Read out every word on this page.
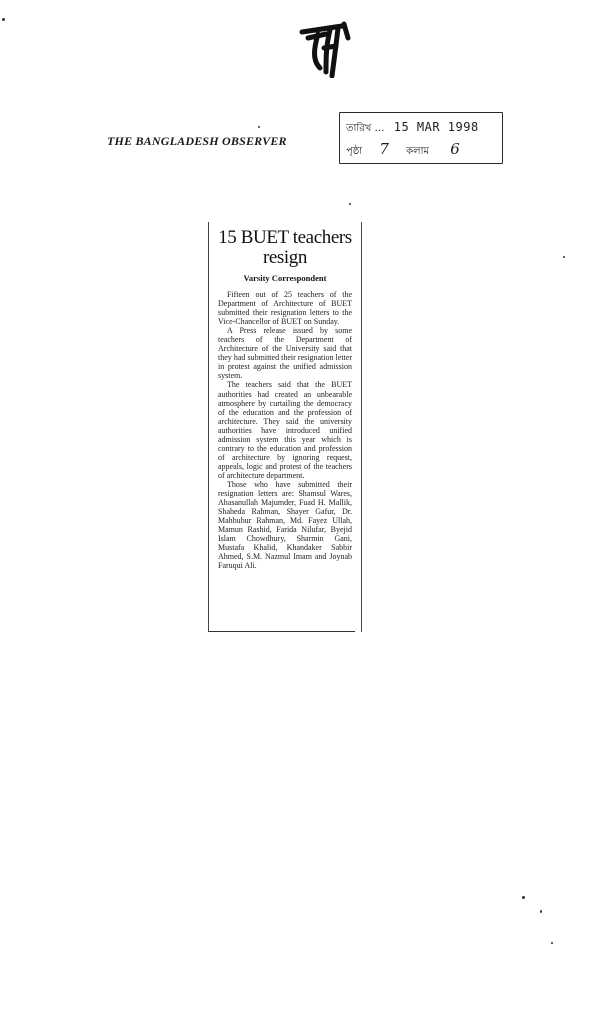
THE BANGLADESH OBSERVER
তারিখ … 15 MAR 1998
পৃষ্ঠা 7 কলাম 6
15 BUET teachers resign
Varsity Correspondent

Fifteen out of 25 teachers of the Department of Architecture of BUET submitted their resignation letters to the Vice-Chancellor of BUET on Sunday.

A Press release issued by some teachers of the Department of Architecture of the University said that they had submitted their resignation letter in protest against the unified admission system.

The teachers said that the BUET authorities had created an unbearable atmosphere by curtailing the democracy of the education and the profession of architecture. They said the university authorities have introduced unified admission system this year which is contrary to the education and profession of architecture by ignoring request, appeals, logic and protest of the teachers of architecture department.

Those who have submitted their resignation letters are: Shamsul Wares, Ahasanullah Majumder, Fuad H. Mallik, Shaheda Rahman, Shayer Gafur, Dr. Mahbubur Rahman, Md. Fayez Ullah, Mamun Rashid, Farida Nilufar, Byejid Islam Chowdhury, Sharmin Gani, Mustafa Khalid, Khandaker Sabbir Ahmed, S.M. Nazmul Imam and Joynab Faruqui Ali.
